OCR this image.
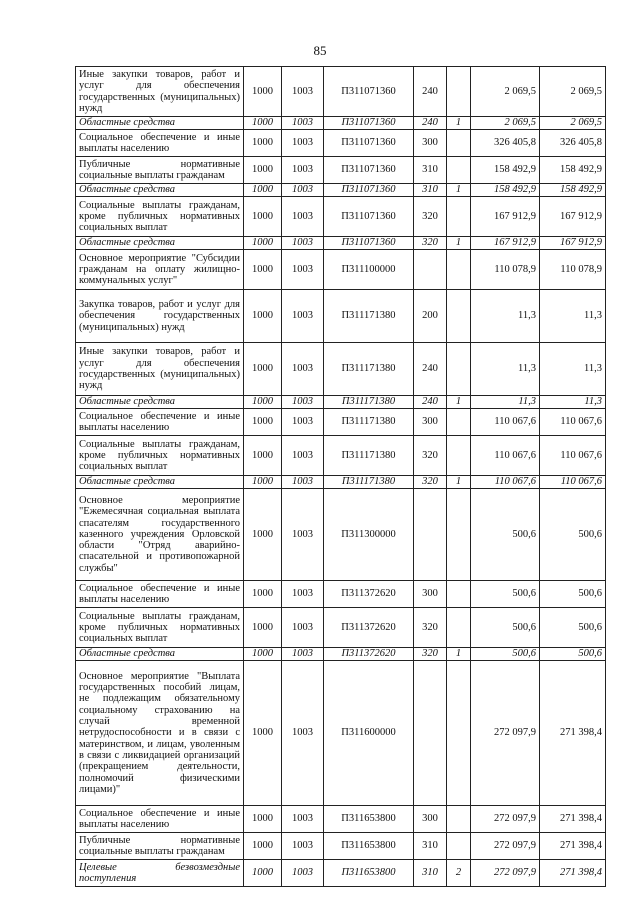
85
Иные закупки товаров, работ и услуг для обеспечения государственных (муниципальных) нужд	1000	1003	П311071360	240		2 069,5	2 069,5
Областные средства	1000	1003	П311071360	240	1	2 069,5	2 069,5
Социальное обеспечение и иные выплаты населению	1000	1003	П311071360	300		326 405,8	326 405,8
Публичные нормативные социальные выплаты гражданам	1000	1003	П311071360	310		158 492,9	158 492,9
Областные средства	1000	1003	П311071360	310	1	158 492,9	158 492,9
Социальные выплаты гражданам, кроме публичных нормативных социальных выплат	1000	1003	П311071360	320		167 912,9	167 912,9
Областные средства	1000	1003	П311071360	320	1	167 912,9	167 912,9
Основное мероприятие "Субсидии гражданам на оплату жилищно-коммунальных услуг"	1000	1003	П311100000			110 078,9	110 078,9
Закупка товаров, работ и услуг для обеспечения государственных (муниципальных) нужд	1000	1003	П311171380	200		11,3	11,3
Иные закупки товаров, работ и услуг для обеспечения государственных (муниципальных) нужд	1000	1003	П311171380	240		11,3	11,3
Областные средства	1000	1003	П311171380	240	1	11,3	11,3
Социальное обеспечение и иные выплаты населению	1000	1003	П311171380	300		110 067,6	110 067,6
Социальные выплаты гражданам, кроме публичных нормативных социальных выплат	1000	1003	П311171380	320		110 067,6	110 067,6
Областные средства	1000	1003	П311171380	320	1	110 067,6	110 067,6
Основное мероприятие "Ежемесячная социальная выплата спасателям государственного казенного учреждения Орловской области "Отряд аварийно-спасательной и противопожарной службы"	1000	1003	П311300000			500,6	500,6
Социальное обеспечение и иные выплаты населению	1000	1003	П311372620	300		500,6	500,6
Социальные выплаты гражданам, кроме публичных нормативных социальных выплат	1000	1003	П311372620	320		500,6	500,6
Областные средства	1000	1003	П311372620	320	1	500,6	500,6
Основное мероприятие "Выплата государственных пособий лицам, не подлежащим обязательному социальному страхованию на случай временной нетрудоспособности и в связи с материнством, и лицам, уволенным в связи с ликвидацией организаций (прекращением деятельности, полномочий физическими лицами)"	1000	1003	П311600000			272 097,9	271 398,4
Социальное обеспечение и иные выплаты населению	1000	1003	П311653800	300		272 097,9	271 398,4
Публичные нормативные социальные выплаты гражданам	1000	1003	П311653800	310		272 097,9	271 398,4
Целевые безвозмездные поступления	1000	1003	П311653800	310	2	272 097,9	271 398,4
